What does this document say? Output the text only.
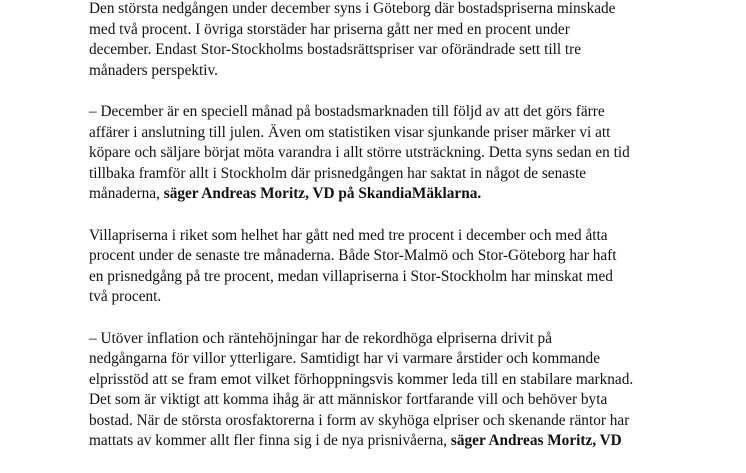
Den största nedgången under december syns i Göteborg där bostadspriserna minskade
med två procent. I övriga storstäder har priserna gått ner med en procent under
december. Endast Stor-Stockholms bostadsrättspriser var oförändrade sett till tre
månaders perspektiv.

– December är en speciell månad på bostadsmarknaden till följd av att det görs färre
affärer i anslutning till julen. Även om statistiken visar sjunkande priser märker vi att
köpare och säljare börjat möta varandra i allt större utsträckning. Detta syns sedan en tid
tillbaka framför allt i Stockholm där prisnedgången har saktat in något de senaste
månaderna, säger Andreas Moritz, VD på SkandiaMäklarna.

Villapriserna i riket som helhet har gått ned med tre procent i december och med åtta
procent under de senaste tre månaderna. Både Stor-Malmö och Stor-Göteborg har haft
en prisnedgång på tre procent, medan villapriserna i Stor-Stockholm har minskat med
två procent.

– Utöver inflation och räntehöjningar har de rekordhöga elpriserna drivit på
nedgångarna för villor ytterligare. Samtidigt har vi varmare årstider och kommande
elprisstöd att se fram emot vilket förhoppningsvis kommer leda till en stabilare marknad.
Det som är viktigt att komma ihåg är att människor fortfarande vill och behöver byta
bostad. När de största orosfaktorerna i form av skyhöga elpriser och skenande räntor har
mattats av kommer allt fler finna sig i de nya prisnivåerna, säger Andreas Moritz, VD
